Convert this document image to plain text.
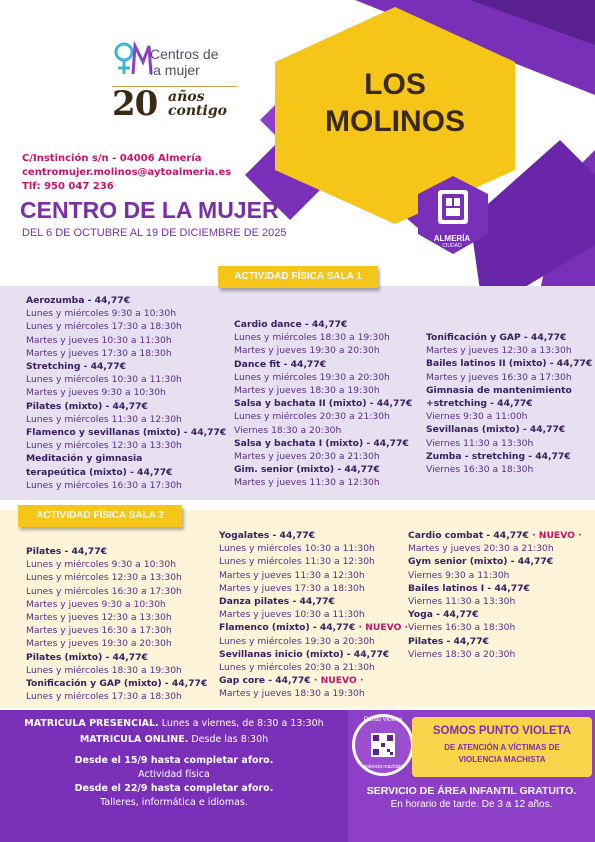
LOS
MOLINOS
ALMERÍA
CIUDAD
Centros de
la mujer
20 años
contigo
C/Instinción s/n - 04006 Almería
centromujer.molinos@aytoalmeria.es
Tlf: 950 047 236
CENTRO DE LA MUJER
DEL 6 DE OCTUBRE AL 19 DE DICIEMBRE DE 2025
ACTIVIDAD FÍSICA SALA 1
Aerozumba - 44,77€
Lunes y miércoles 9:30 a 10:30h
Lunes y miércoles 17:30 a 18:30h
Martes y jueves 10:30 a 11:30h
Martes y jueves 17:30 a 18:30h
Stretching - 44,77€
Lunes y miércoles 10:30 a 11:30h
Martes y jueves 9:30 a 10:30h
Pilates (mixto) - 44,77€
Lunes y miércoles 11:30 a 12:30h
Flamenco y sevillanas (mixto) - 44,77€
Lunes y miércoles 12:30 a 13:30h
Meditación y gimnasia
terapeútica (mixto) - 44,77€
Lunes y miércoles 16:30 a 17:30h
Cardio dance - 44,77€
Lunes y miércoles 18:30 a 19:30h
Martes y jueves 19:30 a 20:30h
Dance fit - 44,77€
Lunes y miércoles 19:30 a 20:30h
Martes y jueves 18:30 a 19:30h
Salsa y bachata II (mixto) - 44,77€
Lunes y miércoles 20:30 a 21:30h
Viernes 18:30 a 20:30h
Salsa y bachata I (mixto) - 44,77€
Martes y jueves 20:30 a 21:30h
Gim. senior (mixto) - 44,77€
Martes y jueves 11:30 a 12:30h
Tonificación y GAP - 44,77€
Martes y jueves 12:30 a 13:30h
Bailes latinos II (mixto) - 44,77€
Martes y jueves 16:30 a 17:30h
Gimnasia de mantenimiento
+stretching - 44,77€
Viernes 9:30 a 11:00h
Sevillanas (mixto) - 44,77€
Viernes 11:30 a 13:30h
Zumba - stretching - 44,77€
Viernes 16:30 a 18:30h
ACTIVIDAD FÍSICA SALA 2
Pilates - 44,77€
Lunes y miércoles 9:30 a 10:30h
Lunes y miércoles 12:30 a 13:30h
Lunes y miércoles 16:30 a 17:30h
Martes y jueves 9:30 a 10:30h
Martes y jueves 12:30 a 13:30h
Martes y jueves 16:30 a 17:30h
Martes y jueves 19:30 a 20:30h
Pilates (mixto) - 44,77€
Lunes y miércoles 18:30 a 19:30h
Tonificación y GAP (mixto) - 44,77€
Lunes y miércoles 17:30 a 18:30h
Yogalates - 44,77€
Lunes y miércoles 10:30 a 11:30h
Lunes y miércoles 11:30 a 12:30h
Martes y jueves 11:30 a 12:30h
Martes y jueves 17:30 a 18:30h
Danza pilates - 44,77€
Martes y jueves 10:30 a 11:30h
Flamenco (mixto) - 44,77€ · NUEVO ·
Lunes y miércoles 19:30 a 20:30h
Sevillanas inicio (mixto) - 44,77€
Lunes y miércoles 20:30 a 21:30h
Gap core - 44,77€ · NUEVO ·
Martes y jueves 18:30 a 19:30h
Cardio combat - 44,77€ · NUEVO ·
Martes y jueves 20:30 a 21:30h
Gym senior (mixto) - 44,77€
Viernes 9:30 a 11:30h
Bailes latinos I - 44,77€
Viernes 11:30 a 13:30h
Yoga - 44,77€
Viernes 16:30 a 18:30h
Pilates - 44,77€
Viernes 18:30 a 20:30h
MATRICULA PRESENCIAL. Lunes a viernes, de 8:30 a 13:30h
MATRICULA ONLINE. Desde las 8:30h
Desde el 15/9 hasta completar aforo.
Actividad física
Desde el 22/9 hasta completar aforo.
Talleres, informática e idiomas.
Punto Violeta
violencia machista
SOMOS PUNTO VIOLETA
DE ATENCIÓN A VÍCTIMAS DE
VIOLENCIA MACHISTA
SERVICIO DE ÁREA INFANTIL GRATUITO.
En horario de tarde. De 3 a 12 años.
